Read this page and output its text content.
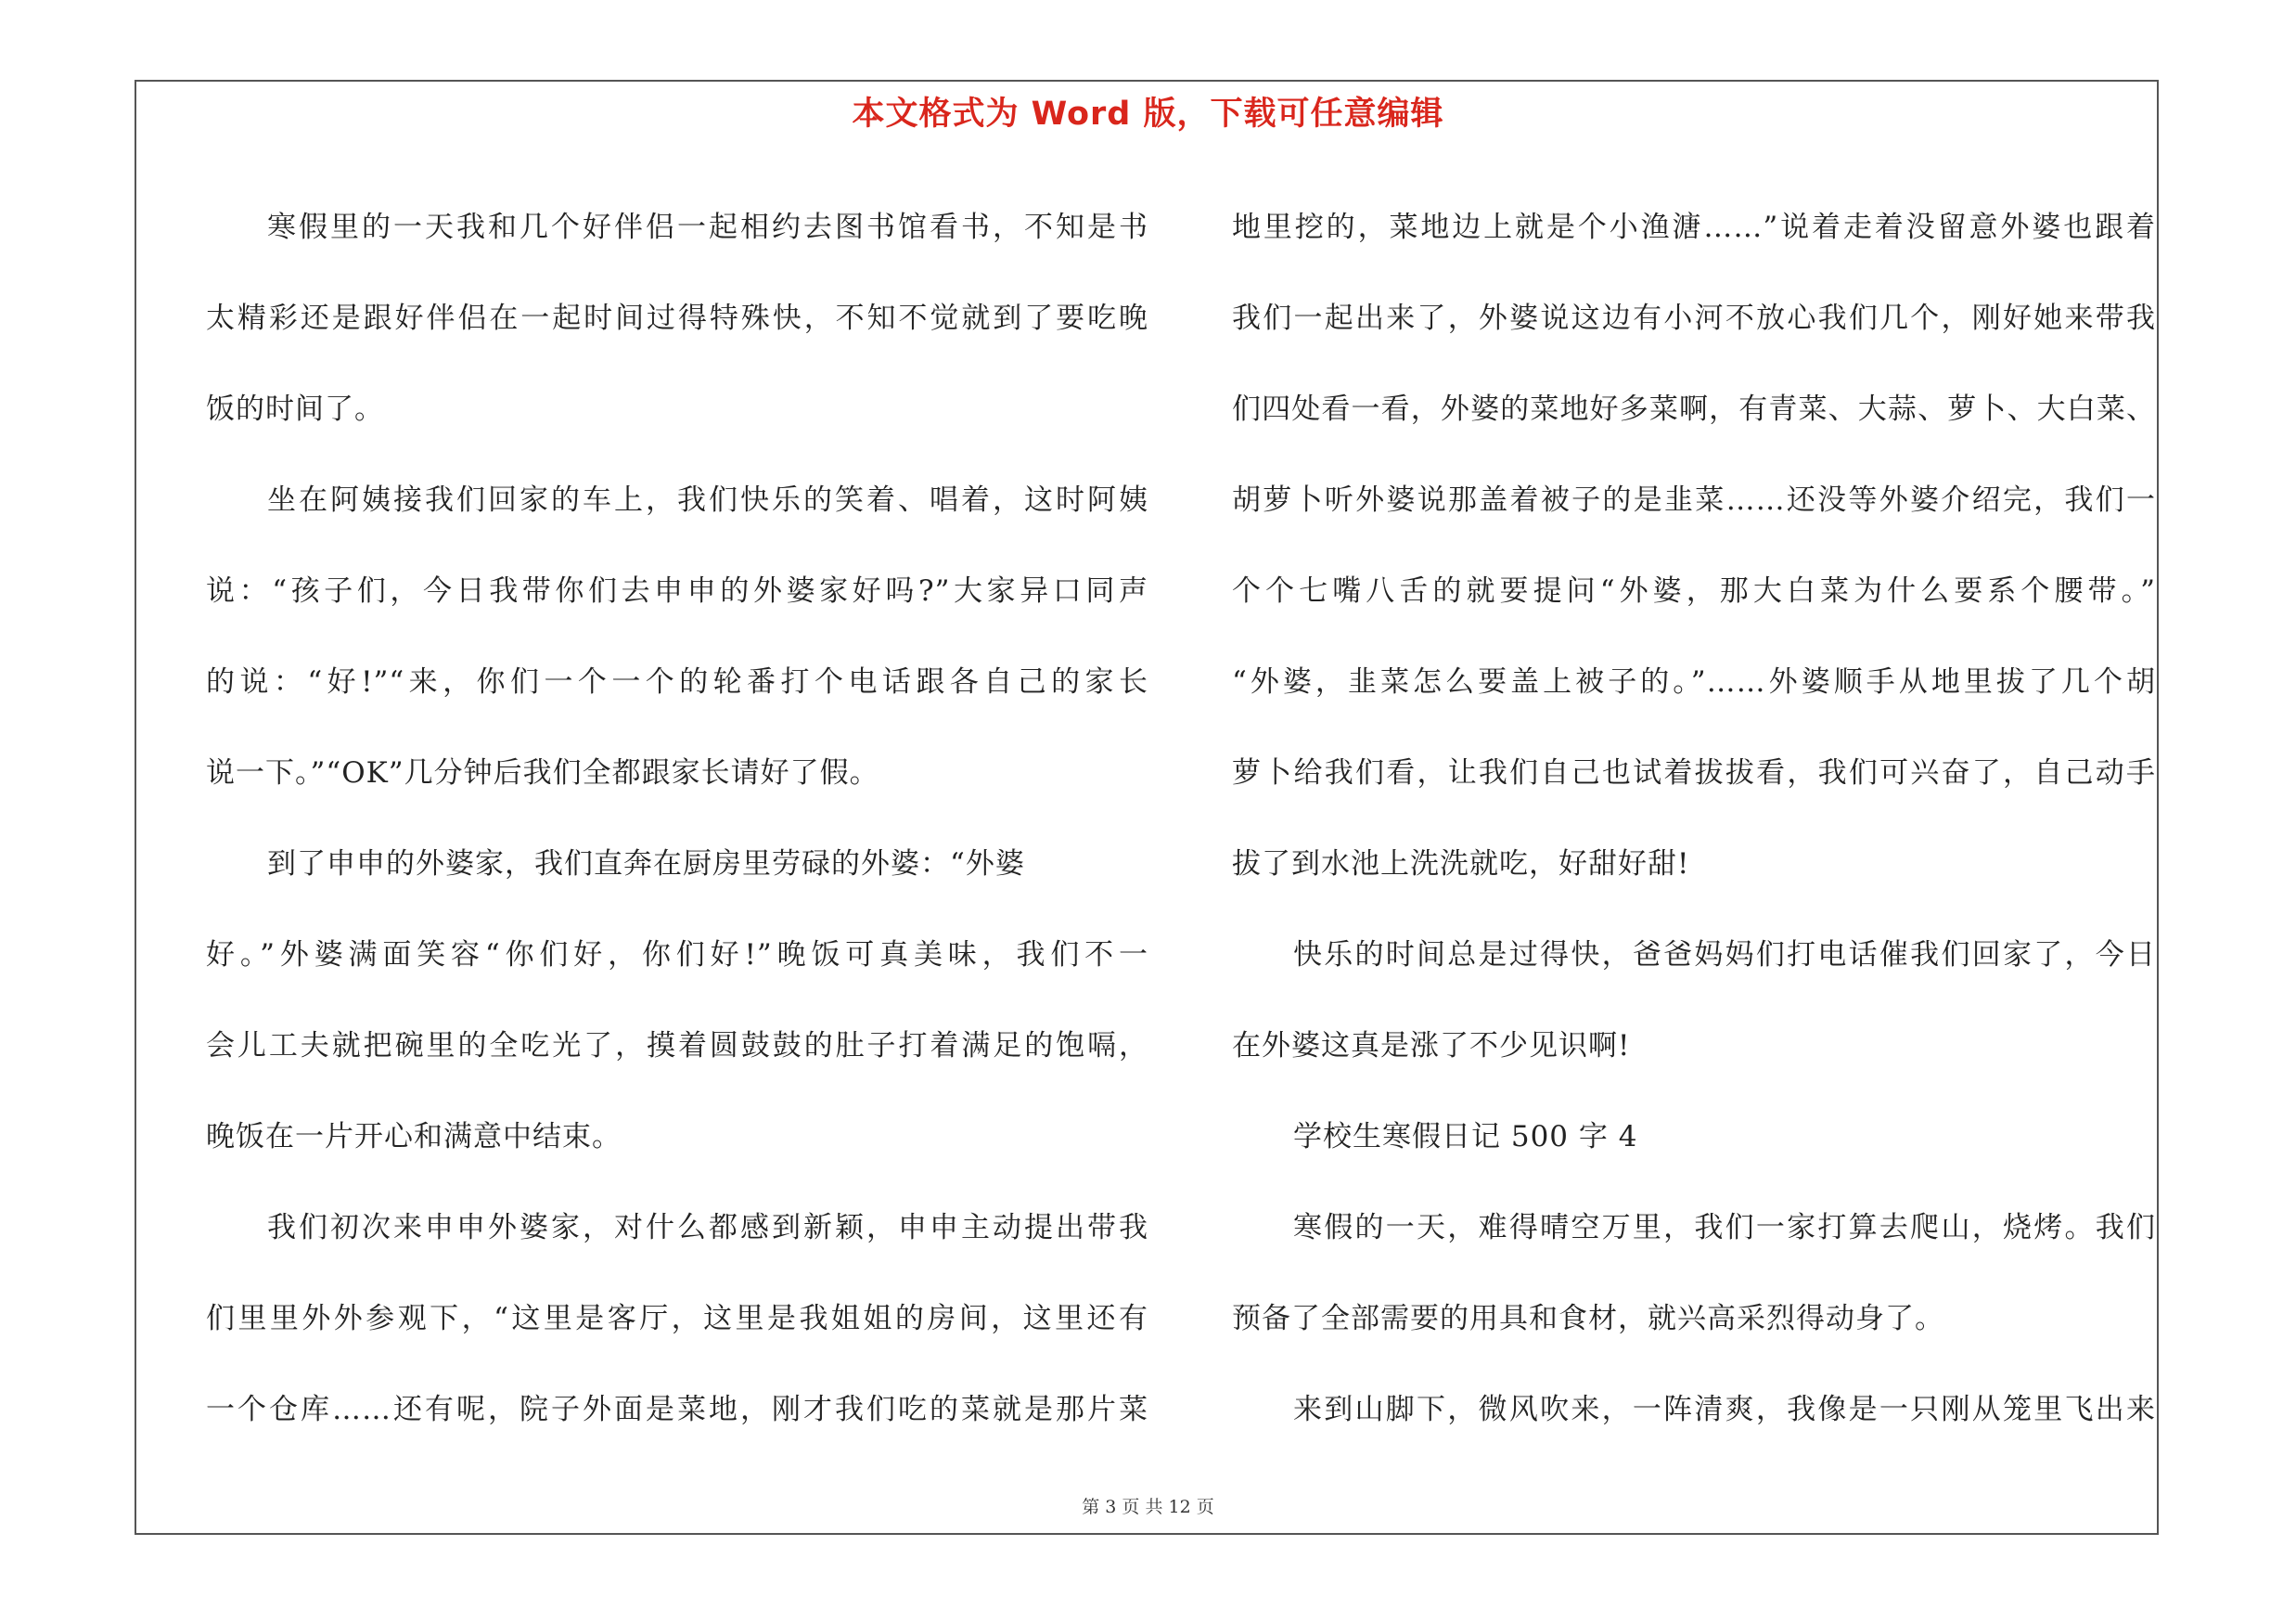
本文格式为 Word 版，下载可任意编辑
寒假里的一天我和几个好伴侣一起相约去图书馆看书，不知是书
太精彩还是跟好伴侣在一起时间过得特殊快，不知不觉就到了要吃晚
饭的时间了。
坐在阿姨接我们回家的车上，我们快乐的笑着、唱着，这时阿姨
说：“孩子们，今日我带你们去申申的外婆家好吗?”大家异口同声
的说：“好!”“来，你们一个一个的轮番打个电话跟各自己的家长
说一下。”“OK”几分钟后我们全都跟家长请好了假。
到了申申的外婆家，我们直奔在厨房里劳碌的外婆：“外婆
好。”外婆满面笑容“你们好，你们好!”晚饭可真美味，我们不一
会儿工夫就把碗里的全吃光了，摸着圆鼓鼓的肚子打着满足的饱嗝，
晚饭在一片开心和满意中结束。
我们初次来申申外婆家，对什么都感到新颖，申申主动提出带我
们里里外外参观下，“这里是客厅，这里是我姐姐的房间，这里还有
一个仓库……还有呢，院子外面是菜地，刚才我们吃的菜就是那片菜
地里挖的，菜地边上就是个小渔溏……”说着走着没留意外婆也跟着
我们一起出来了，外婆说这边有小河不放心我们几个，刚好她来带我
们四处看一看，外婆的菜地好多菜啊，有青菜、大蒜、萝卜、大白菜、
胡萝卜听外婆说那盖着被子的是韭菜……还没等外婆介绍完，我们一
个个七嘴八舌的就要提问“外婆，那大白菜为什么要系个腰带。”
“外婆，韭菜怎么要盖上被子的。”……外婆顺手从地里拔了几个胡
萝卜给我们看，让我们自己也试着拔拔看，我们可兴奋了，自己动手
拔了到水池上洗洗就吃，好甜好甜!
快乐的时间总是过得快，爸爸妈妈们打电话催我们回家了，今日
在外婆这真是涨了不少见识啊!
学校生寒假日记 500 字 4
寒假的一天，难得晴空万里，我们一家打算去爬山，烧烤。我们
预备了全部需要的用具和食材，就兴高采烈得动身了。
来到山脚下，微风吹来，一阵清爽，我像是一只刚从笼里飞出来
第 3 页 共 12 页
